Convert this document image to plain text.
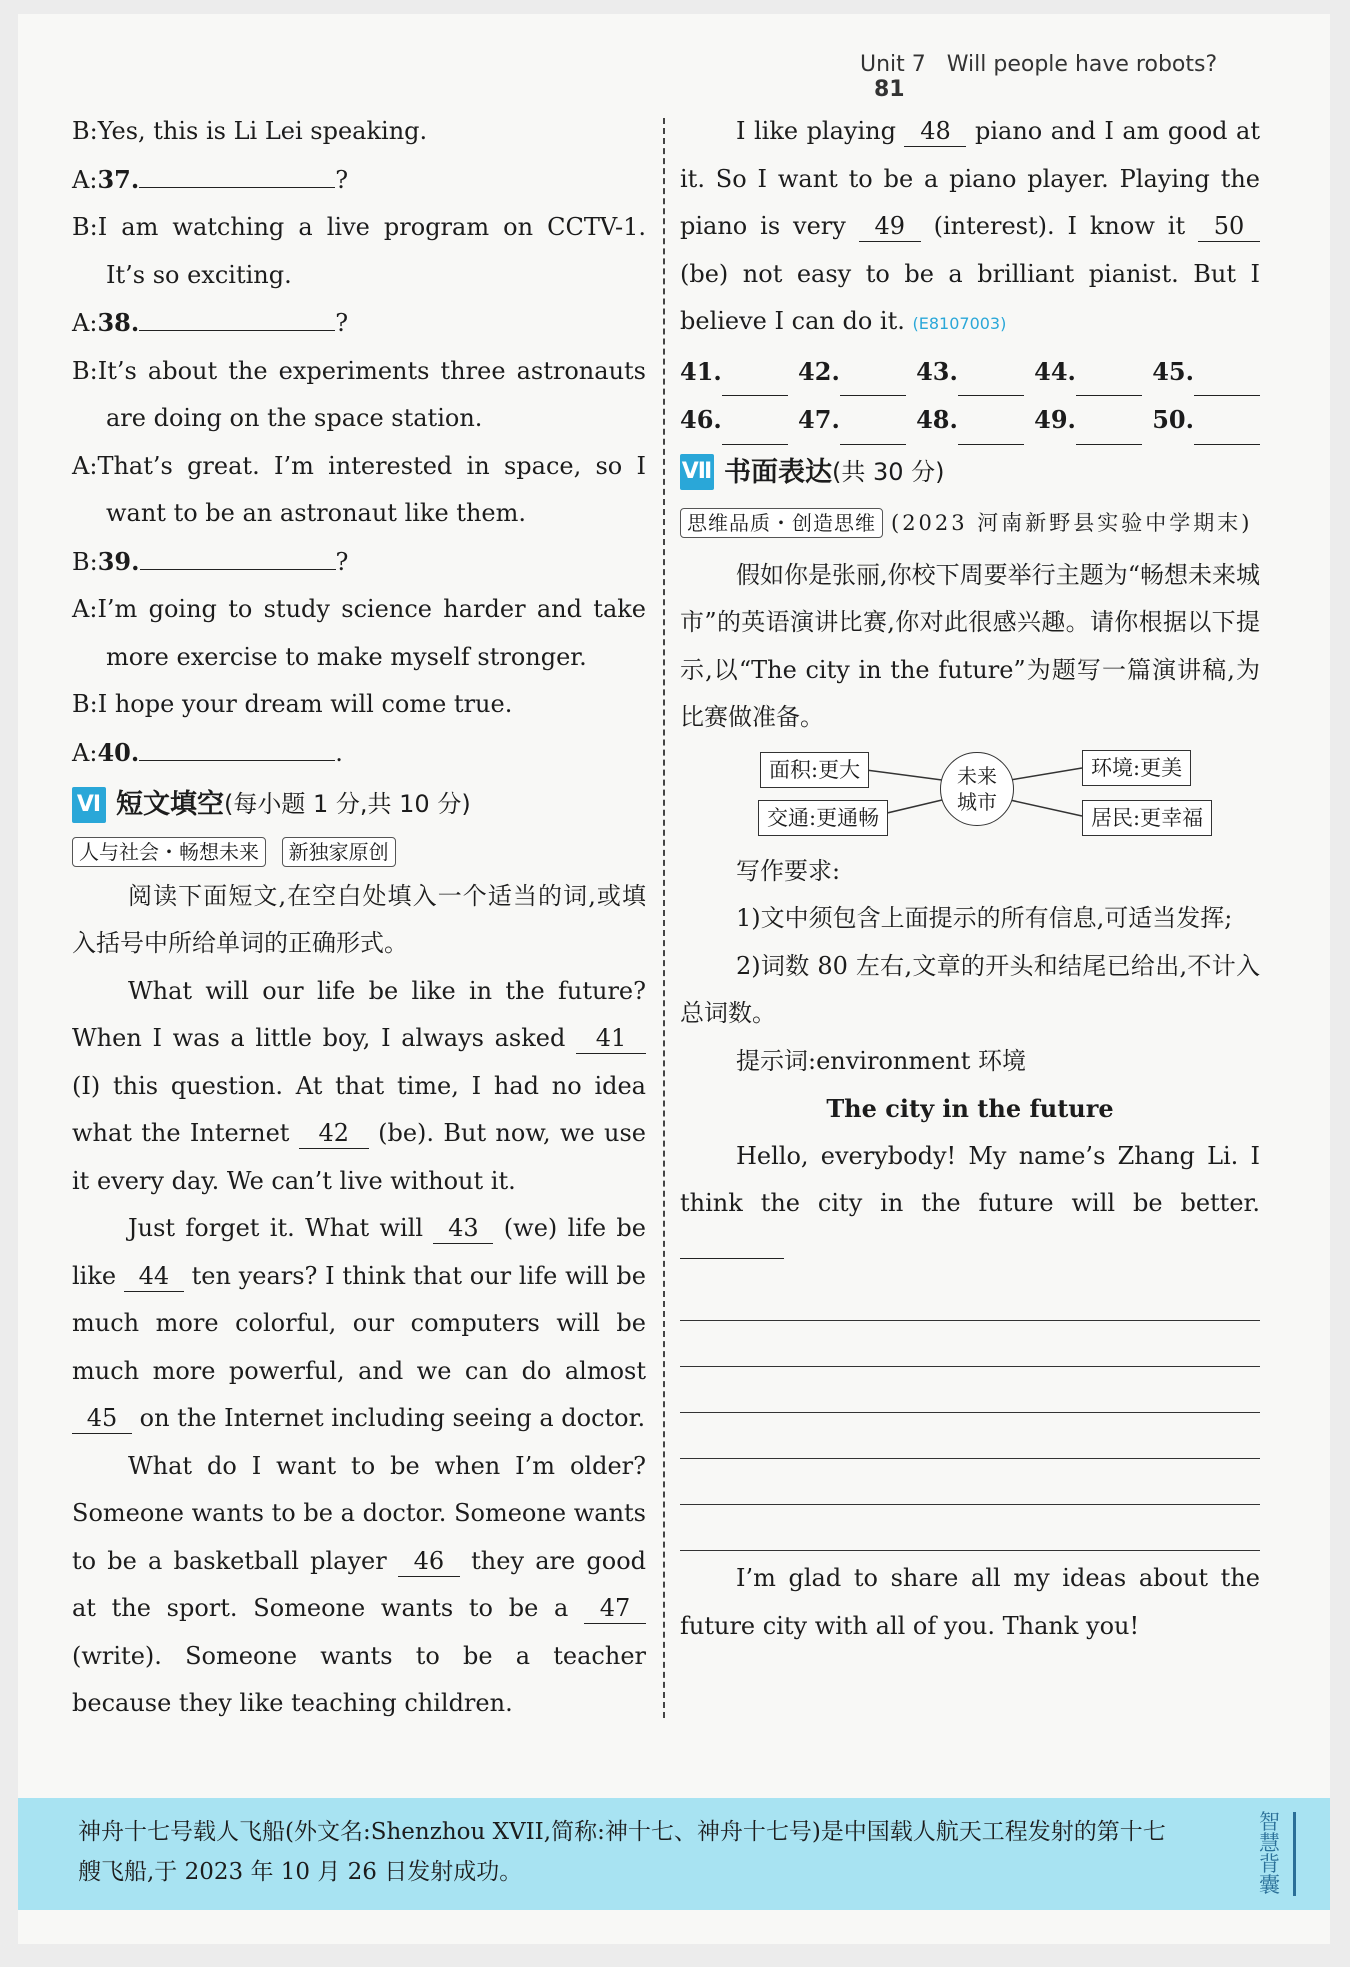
Unit 7 Will people have robots? 81

B:Yes, this is Li Lei speaking.

A:37.	?

B:I am watching a live program on CCTV-1. It’s so exciting.

A:38.	?

B:It’s about the experiments three astronauts are doing on the space station.

A:That’s great. I’m interested in space, so I want to be an astronaut like them.

B:39.	?

A:I’m going to study science harder and take more exercise to make myself stronger.

B:I hope your dream will come true.

A:40.	.

Ⅵ 短文填空 (每小题 1 分,共 10 分)
人与社会・畅想未来 新独家原创

阅读下面短文,在空白处填入一个适当的词,或填入括号中所给单词的正确形式。

What will our life be like in the future? When I was a little boy, I always asked 41 (I) this question. At that time, I had no idea what the Internet 42 (be). But now, we use it every day. We can’t live without it.

Just forget it. What will 43 (we) life be like 44 ten years? I think that our life will be much more colorful, our computers will be much more powerful, and we can do almost 45 on the Internet including seeing a doctor.

What do I want to be when I’m older? Someone wants to be a doctor. Someone wants to be a basketball player 46 they are good at the sport. Someone wants to be a 47 (write). Someone wants to be a teacher because they like teaching children.

I like playing 48 piano and I am good at it. So I want to be a piano player. Playing the piano is very 49 (interest). I know it 50 (be) not easy to be a brilliant pianist. But I believe I can do it. (E8107003)

41.	42.	43.	44.	45.
46.	47.	48.	49.	50.
Ⅶ 书面表达 (共 30 分)

思维品质・创造思维 (2023 河南新野县实验中学期末)

假如你是张丽,你校下周要举行主题为“畅想未来城市”的英语演讲比赛,你对此很感兴趣。请你根据以下提示,以“The city in the future”为题写一篇演讲稿,为比赛做准备。

面积:更大
交通:更通畅
未来
城市
环境:更美
居民:更幸福

写作要求:

1)文中须包含上面提示的所有信息,可适当发挥;

2)词数 80 左右,文章的开头和结尾已给出,不计入总词数。

提示词:environment 环境

The city in the future

Hello, everybody! My name’s Zhang Li. I think the city in the future will be better.

I’m glad to share all my ideas about the future city with all of you. Thank you!

神舟十七号载人飞船(外文名:Shenzhou XVII,简称:神十七、神舟十七号)是中国载人航天工程发射的第十七艘飞船,于 2023 年 10 月 26 日发射成功。
智慧背囊
